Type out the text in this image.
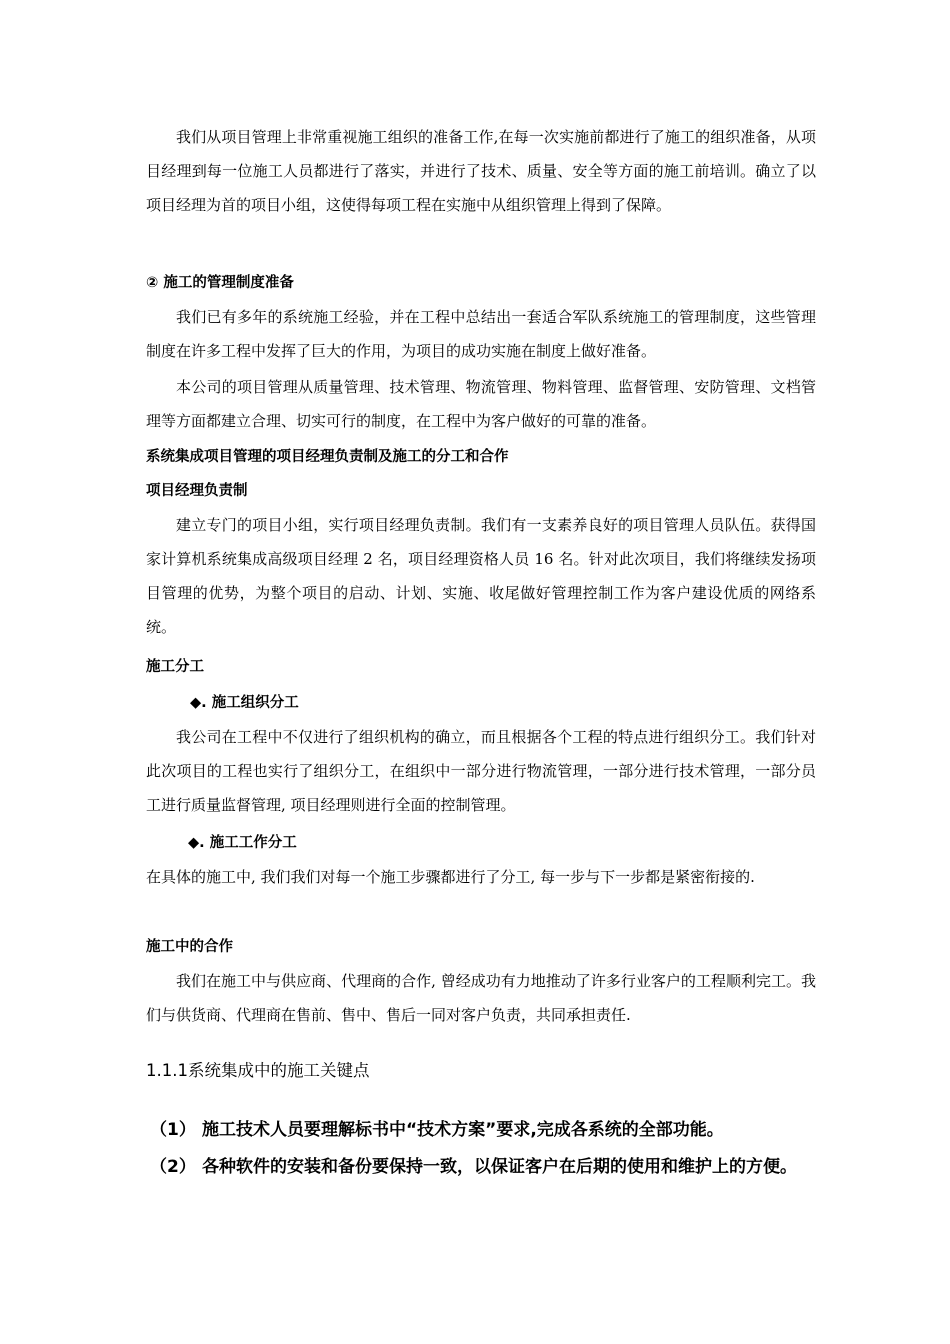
我们从项目管理上非常重视施工组织的准备工作,在每一次实施前都进行了施工的组织准备，从项目经理到每一位施工人员都进行了落实，并进行了技术、质量、安全等方面的施工前培训。确立了以项目经理为首的项目小组，这使得每项工程在实施中从组织管理上得到了保障。
② 施工的管理制度准备
我们已有多年的系统施工经验，并在工程中总结出一套适合军队系统施工的管理制度，这些管理制度在许多工程中发挥了巨大的作用，为项目的成功实施在制度上做好准备。
本公司的项目管理从质量管理、技术管理、物流管理、物料管理、监督管理、安防管理、文档管理等方面都建立合理、切实可行的制度，在工程中为客户做好的可靠的准备。
系统集成项目管理的项目经理负责制及施工的分工和合作
项目经理负责制
建立专门的项目小组，实行项目经理负责制。我们有一支素养良好的项目管理人员队伍。获得国家计算机系统集成高级项目经理 2 名，项目经理资格人员 16 名。针对此次项目，我们将继续发扬项目管理的优势，为整个项目的启动、计划、实施、收尾做好管理控制工作为客户建设优质的网络系统。
施工分工
◆. 施工组织分工
我公司在工程中不仅进行了组织机构的确立，而且根据各个工程的特点进行组织分工。我们针对此次项目的工程也实行了组织分工，在组织中一部分进行物流管理，一部分进行技术管理，一部分员工进行质量监督管理, 项目经理则进行全面的控制管理。
◆. 施工工作分工
在具体的施工中, 我们我们对每一个施工步骤都进行了分工, 每一步与下一步都是紧密衔接的.
施工中的合作
我们在施工中与供应商、代理商的合作, 曾经成功有力地推动了许多行业客户的工程顺利完工。我们与供货商、代理商在售前、售中、售后一同对客户负责，共同承担责任.
1.1.1系统集成中的施工关键点
（1） 施工技术人员要理解标书中“技术方案”要求,完成各系统的全部功能。
（2） 各种软件的安装和备份要保持一致，以保证客户在后期的使用和维护上的方便。
